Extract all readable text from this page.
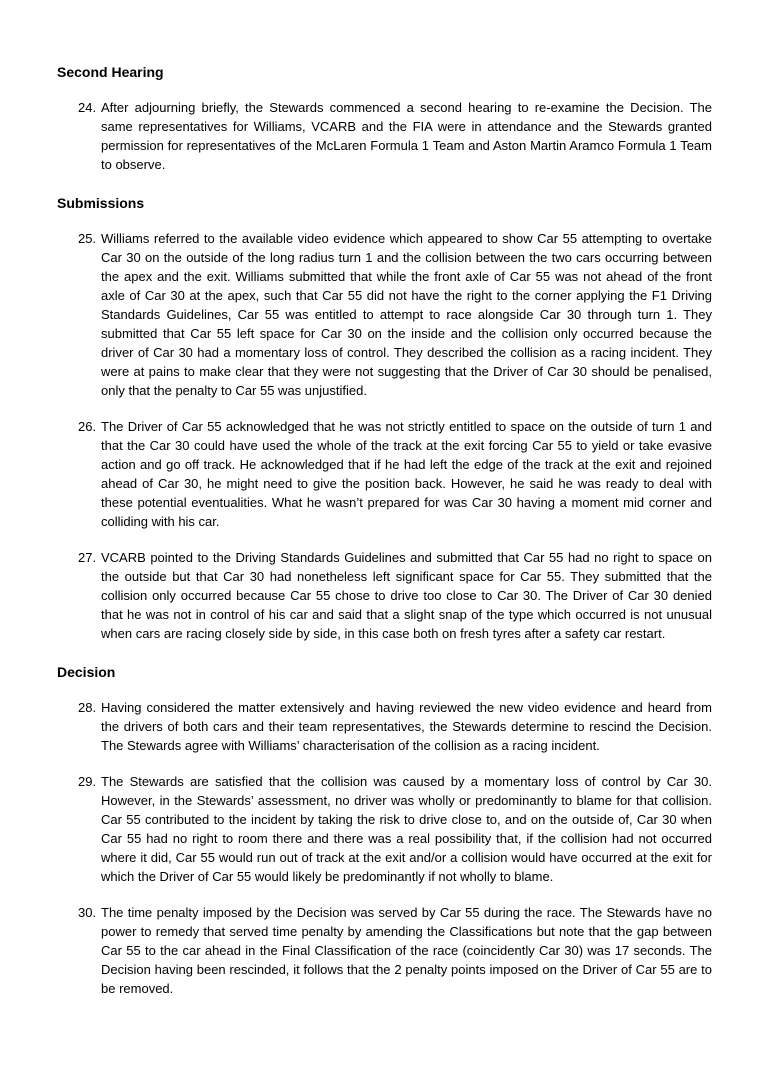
Second Hearing
24. After adjourning briefly, the Stewards commenced a second hearing to re-examine the Decision. The same representatives for Williams, VCARB and the FIA were in attendance and the Stewards granted permission for representatives of the McLaren Formula 1 Team and Aston Martin Aramco Formula 1 Team to observe.

Submissions
25. Williams referred to the available video evidence which appeared to show Car 55 attempting to overtake Car 30 on the outside of the long radius turn 1 and the collision between the two cars occurring between the apex and the exit. Williams submitted that while the front axle of Car 55 was not ahead of the front axle of Car 30 at the apex, such that Car 55 did not have the right to the corner applying the F1 Driving Standards Guidelines, Car 55 was entitled to attempt to race alongside Car 30 through turn 1. They submitted that Car 55 left space for Car 30 on the inside and the collision only occurred because the driver of Car 30 had a momentary loss of control. They described the collision as a racing incident. They were at pains to make clear that they were not suggesting that the Driver of Car 30 should be penalised, only that the penalty to Car 55 was unjustified.

26. The Driver of Car 55 acknowledged that he was not strictly entitled to space on the outside of turn 1 and that the Car 30 could have used the whole of the track at the exit forcing Car 55 to yield or take evasive action and go off track. He acknowledged that if he had left the edge of the track at the exit and rejoined ahead of Car 30, he might need to give the position back. However, he said he was ready to deal with these potential eventualities. What he wasn’t prepared for was Car 30 having a moment mid corner and colliding with his car.

27. VCARB pointed to the Driving Standards Guidelines and submitted that Car 55 had no right to space on the outside but that Car 30 had nonetheless left significant space for Car 55. They submitted that the collision only occurred because Car 55 chose to drive too close to Car 30. The Driver of Car 30 denied that he was not in control of his car and said that a slight snap of the type which occurred is not unusual when cars are racing closely side by side, in this case both on fresh tyres after a safety car restart.

Decision
28. Having considered the matter extensively and having reviewed the new video evidence and heard from the drivers of both cars and their team representatives, the Stewards determine to rescind the Decision. The Stewards agree with Williams’ characterisation of the collision as a racing incident.

29. The Stewards are satisfied that the collision was caused by a momentary loss of control by Car 30. However, in the Stewards’ assessment, no driver was wholly or predominantly to blame for that collision. Car 55 contributed to the incident by taking the risk to drive close to, and on the outside of, Car 30 when Car 55 had no right to room there and there was a real possibility that, if the collision had not occurred where it did, Car 55 would run out of track at the exit and/or a collision would have occurred at the exit for which the Driver of Car 55 would likely be predominantly if not wholly to blame.

30. The time penalty imposed by the Decision was served by Car 55 during the race. The Stewards have no power to remedy that served time penalty by amending the Classifications but note that the gap between Car 55 to the car ahead in the Final Classification of the race (coincidently Car 30) was 17 seconds. The Decision having been rescinded, it follows that the 2 penalty points imposed on the Driver of Car 55 are to be removed.
